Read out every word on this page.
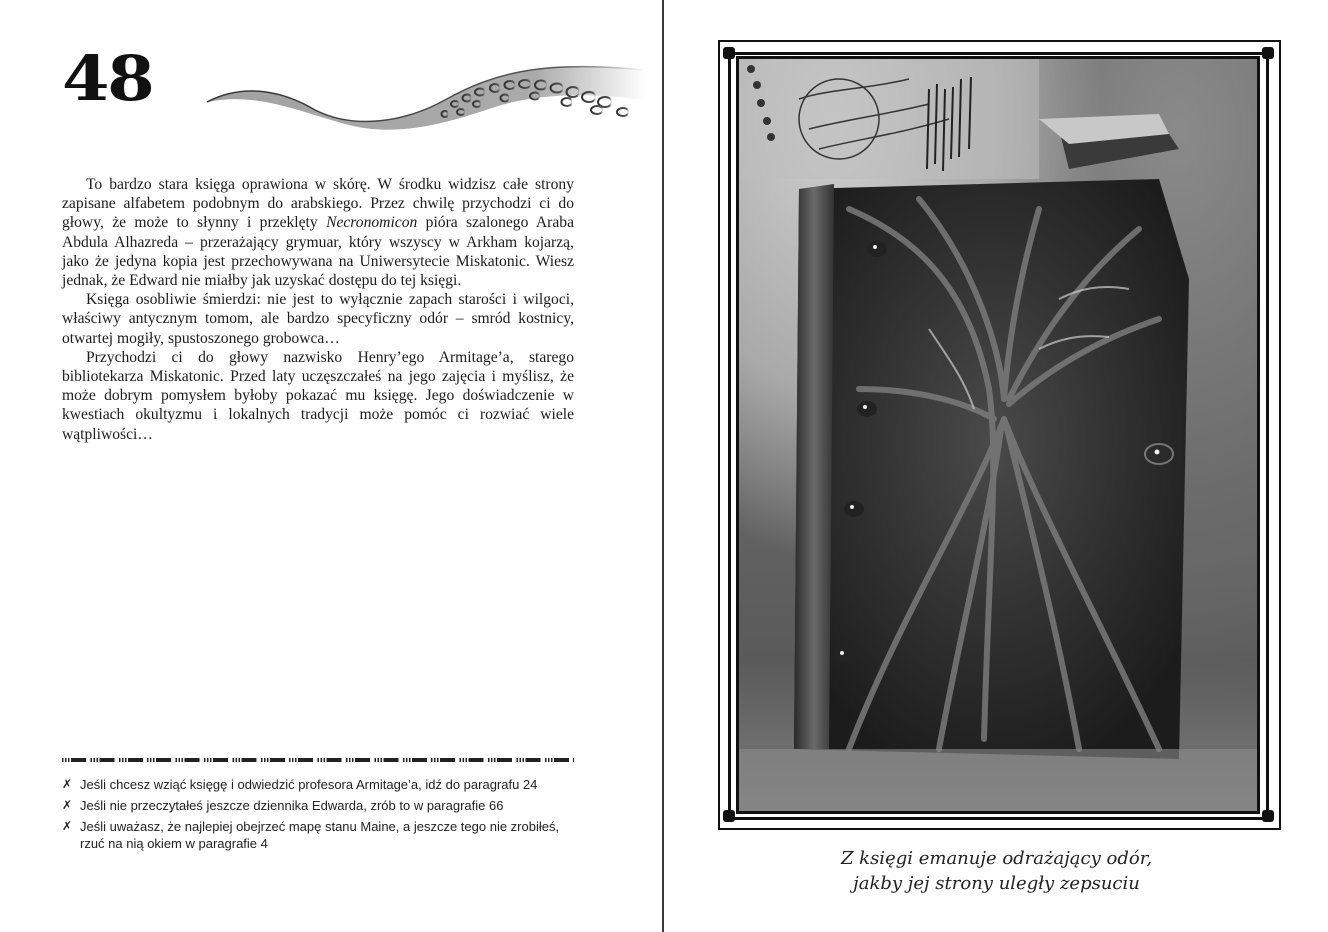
48

To bardzo stara księga oprawiona w skórę. W środku widzisz całe strony zapisane alfabetem podobnym do arabskiego. Przez chwilę przychodzi ci do głowy, że może to słynny i przeklęty Necronomicon pióra szalonego Araba Abdula Alhazreda – przerażający grymuar, który wszyscy w Arkham kojarzą, jako że jedyna kopia jest przechowywana na Uniwersytecie Miskatonic. Wiesz jednak, że Edward nie miałby jak uzyskać dostępu do tej księgi.

Księga osobliwie śmierdzi: nie jest to wyłącznie zapach starości i wilgoci, właściwy antycznym tomom, ale bardzo specyficzny odór – smród kostnicy, otwartej mogiły, spustoszonego grobowca…

Przychodzi ci do głowy nazwisko Henry’ego Armitage’a, starego bibliotekarza Miskatonic. Przed laty uczęszczałeś na jego zajęcia i myślisz, że może dobrym pomysłem byłoby pokazać mu księgę. Jego doświadczenie w kwestiach okultyzmu i lokalnych tradycji może pomóc ci rozwiać wiele wątpliwości…

✗ Jeśli chcesz wziąć księgę i odwiedzić profesora Armitage’a, idź do paragrafu 24
✗ Jeśli nie przeczytałeś jeszcze dziennika Edwarda, zrób to w paragrafie 66
✗ Jeśli uważasz, że najlepiej obejrzeć mapę stanu Maine, a jeszcze tego nie zrobiłeś, rzuć na nią okiem w paragrafie 4
Z księgi emanuje odrażający odór,
jakby jej strony uległy zepsuciu
